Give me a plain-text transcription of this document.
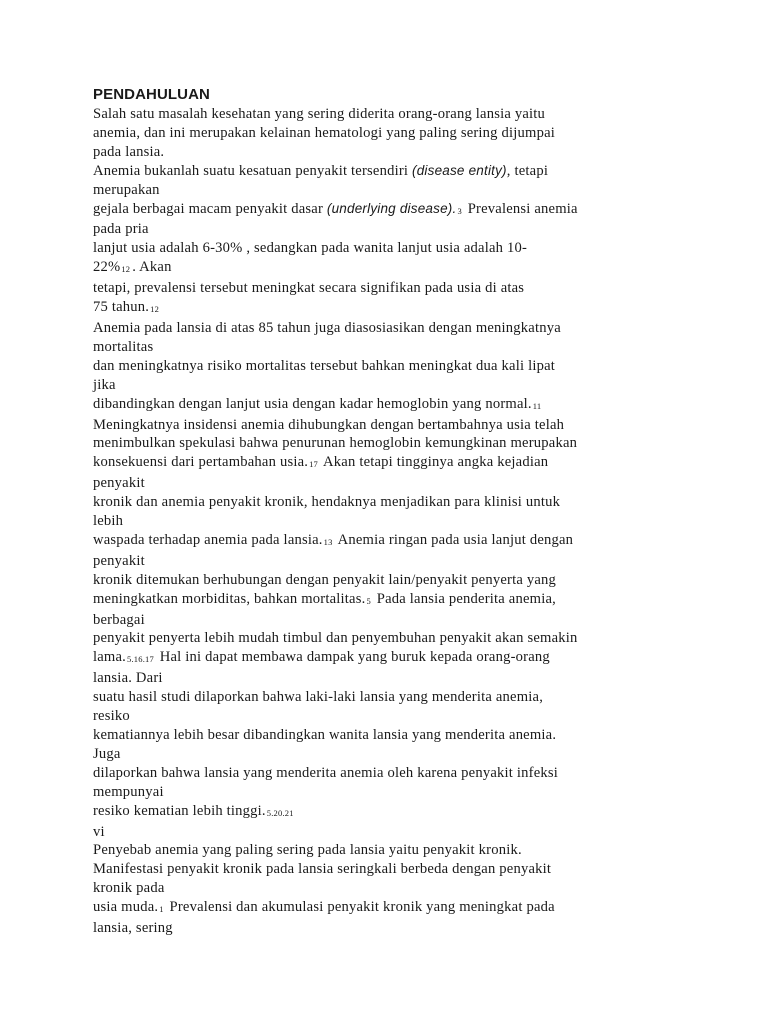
PENDAHULUAN
Salah satu masalah kesehatan yang sering diderita orang-orang lansia yaitu
anemia, dan ini merupakan kelainan hematologi yang paling sering dijumpai
pada lansia.
Anemia bukanlah suatu kesatuan penyakit tersendiri (disease entity), tetapi
merupakan
gejala berbagai macam penyakit dasar (underlying disease).3 Prevalensi anemia
pada pria
lanjut usia adalah 6-30% , sedangkan pada wanita lanjut usia adalah 10-
22%12 . Akan
tetapi, prevalensi tersebut meningkat secara signifikan pada usia di atas
75 tahun.12
Anemia pada lansia di atas 85 tahun juga diasosiasikan dengan meningkatnya
mortalitas
dan meningkatnya risiko mortalitas tersebut bahkan meningkat dua kali lipat
jika
dibandingkan dengan lanjut usia dengan kadar hemoglobin yang normal.11
Meningkatnya insidensi anemia dihubungkan dengan bertambahnya usia telah
menimbulkan spekulasi bahwa penurunan hemoglobin kemungkinan merupakan
konsekuensi dari pertambahan usia.17 Akan tetapi tingginya angka kejadian
penyakit
kronik dan anemia penyakit kronik, hendaknya menjadikan para klinisi untuk
lebih
waspada terhadap anemia pada lansia.13 Anemia ringan pada usia lanjut dengan
penyakit
kronik ditemukan berhubungan dengan penyakit lain/penyakit penyerta yang
meningkatkan morbiditas, bahkan mortalitas.5 Pada lansia penderita anemia,
berbagai
penyakit penyerta lebih mudah timbul dan penyembuhan penyakit akan semakin
lama.5.16.17 Hal ini dapat membawa dampak yang buruk kepada orang-orang
lansia. Dari
suatu hasil studi dilaporkan bahwa laki-laki lansia yang menderita anemia,
resiko
kematiannya lebih besar dibandingkan wanita lansia yang menderita anemia.
Juga
dilaporkan bahwa lansia yang menderita anemia oleh karena penyakit infeksi
mempunyai
resiko kematian lebih tinggi.5.20.21
vi
Penyebab anemia yang paling sering pada lansia yaitu penyakit kronik.
Manifestasi penyakit kronik pada lansia seringkali berbeda dengan penyakit
kronik pada
usia muda.1 Prevalensi dan akumulasi penyakit kronik yang meningkat pada
lansia, sering
